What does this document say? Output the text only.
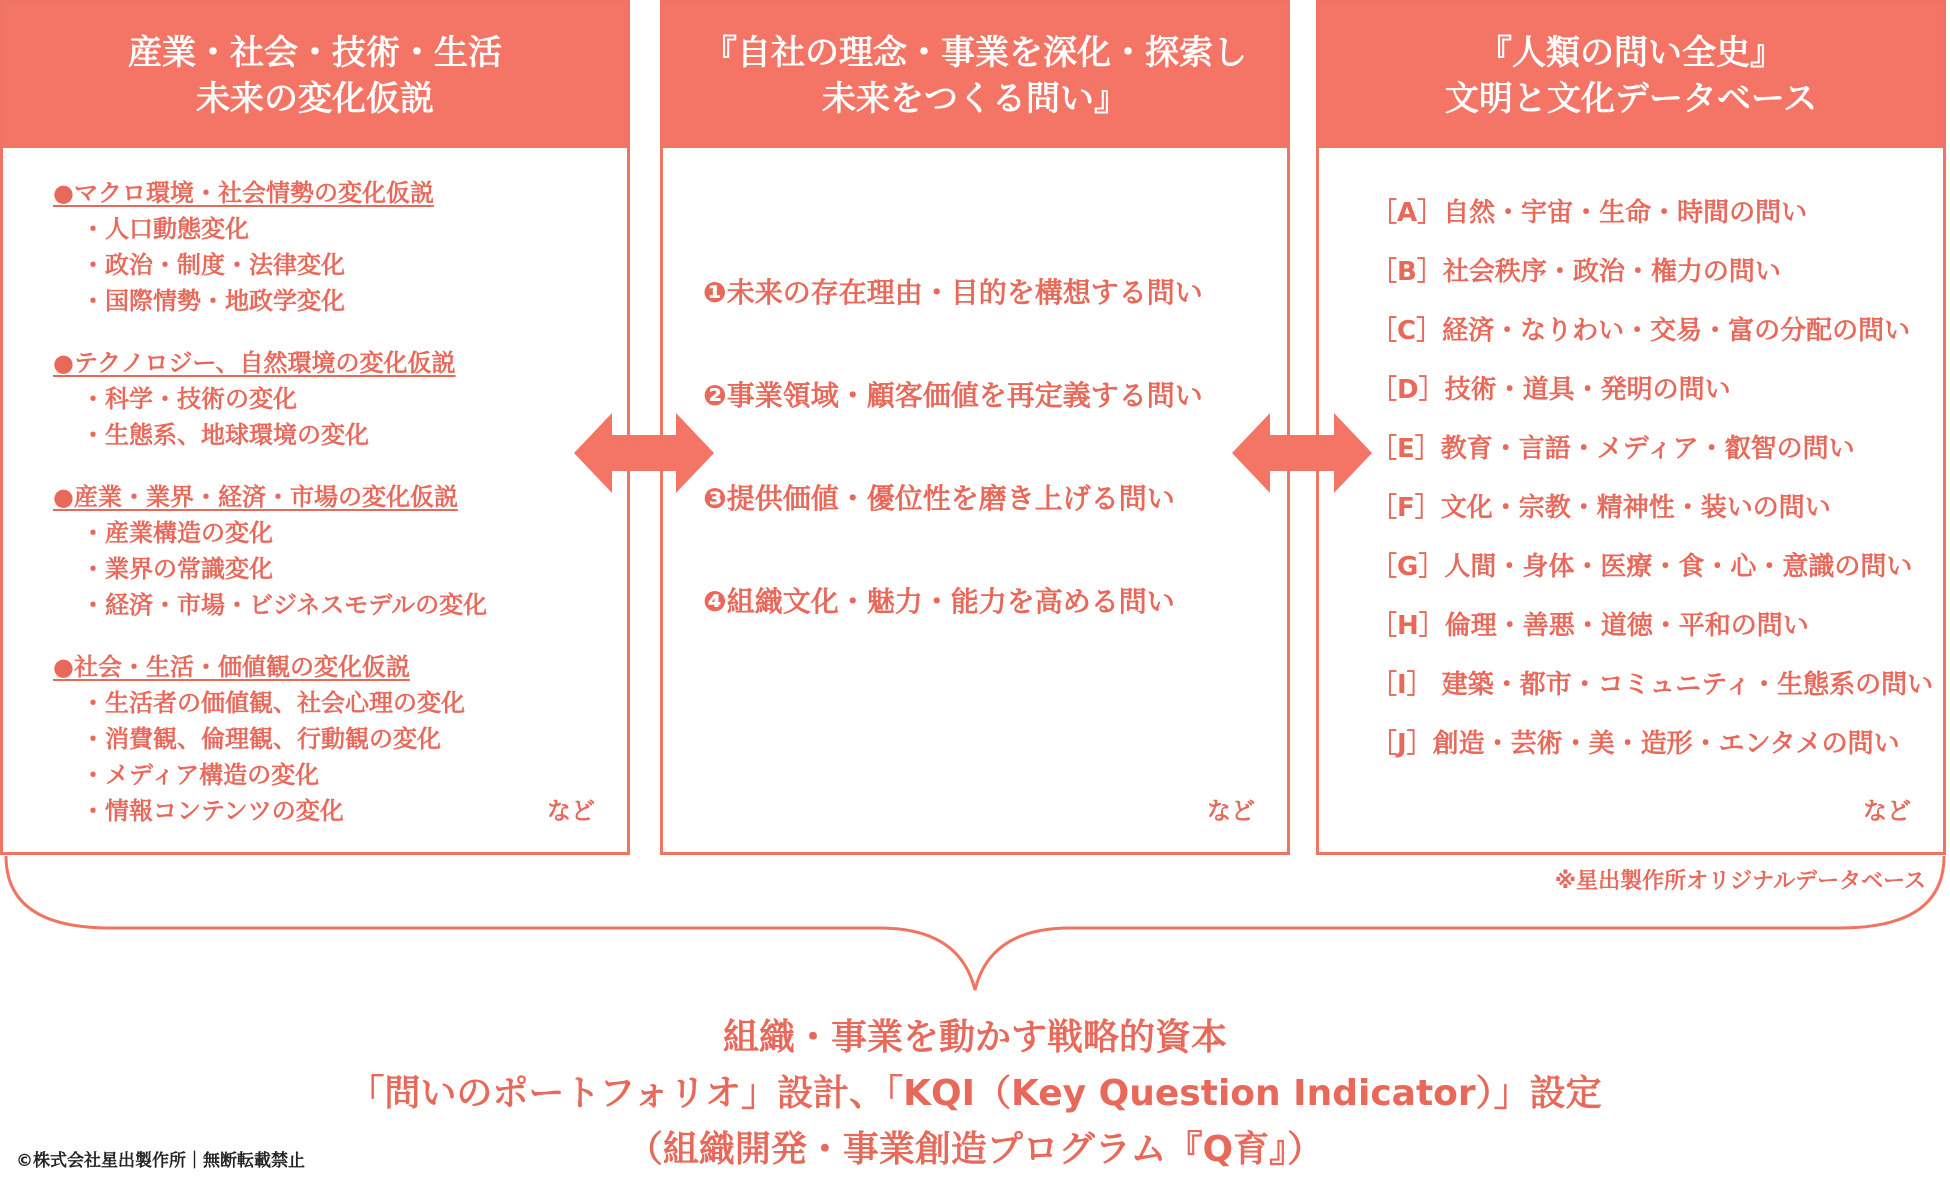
産業・社会・技術・生活
未来の変化仮説
●マクロ環境・社会情勢の変化仮説
・人口動態変化
・政治・制度・法律変化
・国際情勢・地政学変化
●テクノロジー、自然環境の変化仮説
・科学・技術の変化
・生態系、地球環境の変化
●産業・業界・経済・市場の変化仮説
・産業構造の変化
・業界の常識変化
・経済・市場・ビジネスモデルの変化
●社会・生活・価値観の変化仮説
・生活者の価値観、社会心理の変化
・消費観、倫理観、行動観の変化
・メディア構造の変化
・情報コンテンツの変化	など
『自社の理念・事業を深化・探索し
未来をつくる問い』
❶未来の存在理由・目的を構想する問い
❷事業領域・顧客価値を再定義する問い
❸提供価値・優位性を磨き上げる問い
❹組織文化・魅力・能力を高める問い
など
『人類の問い全史』
文明と文化データベース
［A］自然・宇宙・生命・時間の問い
［B］社会秩序・政治・権力の問い
［C］経済・なりわい・交易・富の分配の問い
［D］技術・道具・発明の問い
［E］教育・言語・メディア・叡智の問い
［F］文化・宗教・精神性・装いの問い
［G］人間・身体・医療・食・心・意識の問い
［H］倫理・善悪・道徳・平和の問い
［I］ 建築・都市・コミュニティ・生態系の問い
［J］創造・芸術・美・造形・エンタメの問い
など
※星出製作所オリジナルデータベース
組織・事業を動かす戦略的資本
「問いのポートフォリオ」設計、「KQI（Key Question Indicator）」設定
（組織開発・事業創造プログラム『Q育』）
©株式会社星出製作所｜無断転載禁止
